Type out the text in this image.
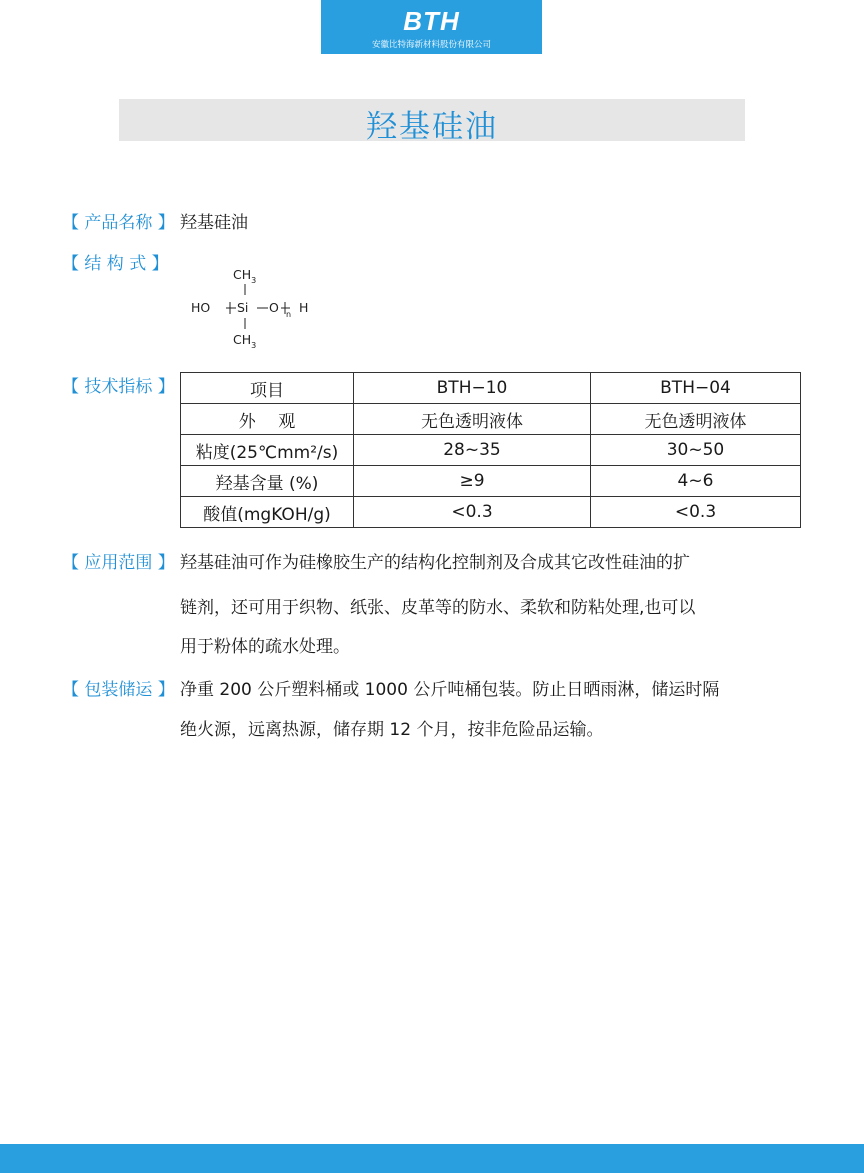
BTH
安徽比特海新材料股份有限公司
羟基硅油
【 产品名称 】 羟基硅油
【 结 构 式 】
$CH_3$
HO Si O n H
$CH_3$
【 技术指标 】	项目	BTH−10	BTH−04
外　 观	无色透明液体	无色透明液体
粘度(25℃mm²/s)	28~35	30~50
羟基含量 (%)	≥9	4~6
酸值(mgKOH/g)	<0.3	<0.3
【 应用范围 】 羟基硅油可作为硅橡胶生产的结构化控制剂及合成其它改性硅油的扩
链剂，还可用于织物、纸张、皮革等的防水、柔软和防粘处理,也可以
用于粉体的疏水处理。
【 包装储运 】 净重 200 公斤塑料桶或 1000 公斤吨桶包装。防止日晒雨淋，储运时隔
绝火源，远离热源，储存期 12 个月，按非危险品运输。
